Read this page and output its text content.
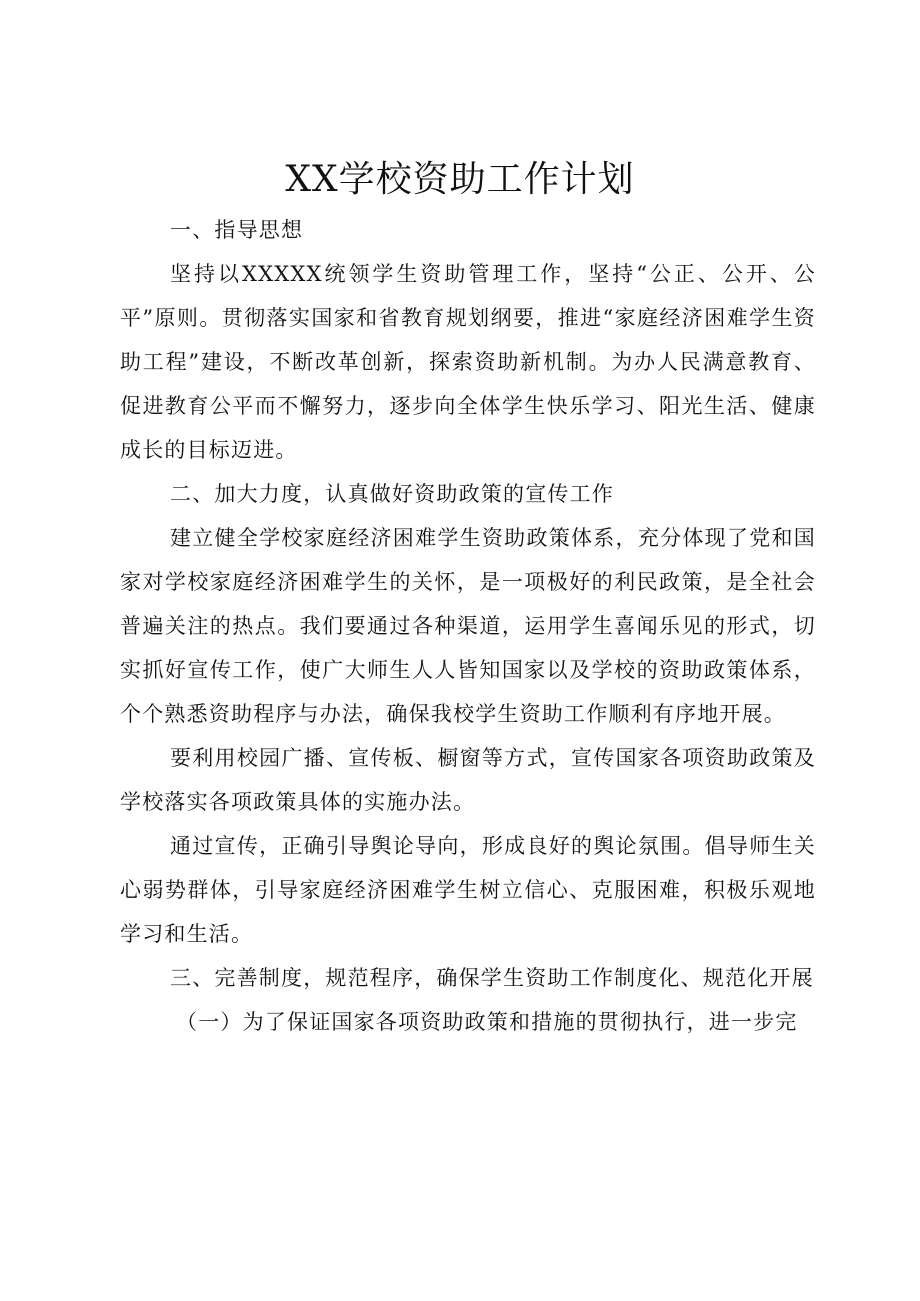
XX学校资助工作计划

一、指导思想

坚持以XXXXX统领学生资助管理工作，坚持“公正、公开、公平”原则。贯彻落实国家和省教育规划纲要，推进“家庭经济困难学生资助工程”建设，不断改革创新，探索资助新机制。为办人民满意教育、促进教育公平而不懈努力，逐步向全体学生快乐学习、阳光生活、健康成长的目标迈进。

二、加大力度，认真做好资助政策的宣传工作

建立健全学校家庭经济困难学生资助政策体系，充分体现了党和国家对学校家庭经济困难学生的关怀，是一项极好的利民政策，是全社会普遍关注的热点。我们要通过各种渠道，运用学生喜闻乐见的形式，切实抓好宣传工作，使广大师生人人皆知国家以及学校的资助政策体系，个个熟悉资助程序与办法，确保我校学生资助工作顺利有序地开展。

要利用校园广播、宣传板、橱窗等方式，宣传国家各项资助政策及学校落实各项政策具体的实施办法。

通过宣传，正确引导舆论导向，形成良好的舆论氛围。倡导师生关心弱势群体，引导家庭经济困难学生树立信心、克服困难，积极乐观地学习和生活。

三、完善制度，规范程序，确保学生资助工作制度化、规范化开展

（一）为了保证国家各项资助政策和措施的贯彻执行，进一步完
